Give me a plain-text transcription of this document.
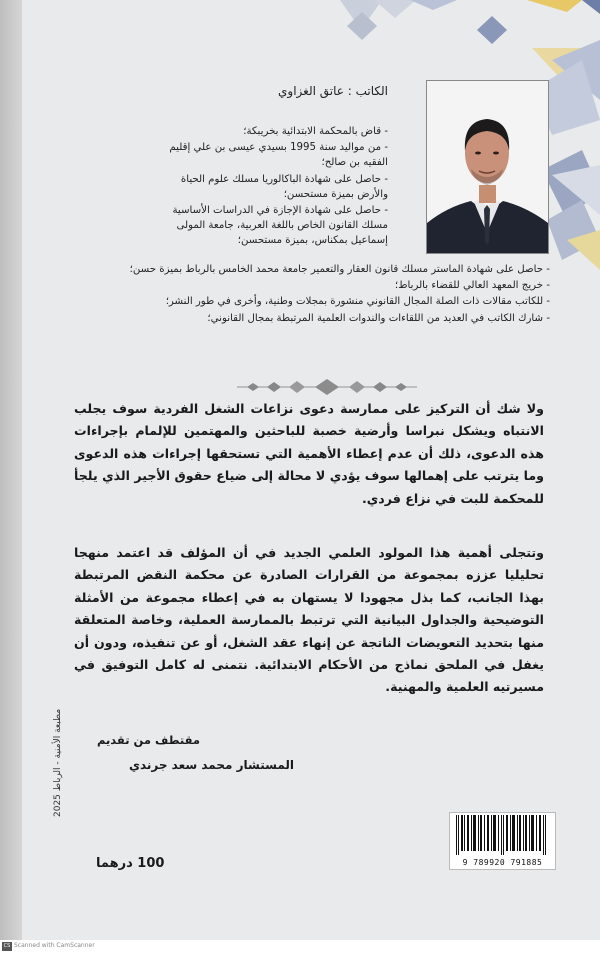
مطبعة الأمنية - الرباط 2025
الكاتب : عاتق الغزاوي
- قاض بالمحكمة الابتدائية بخريبكة؛
- من مواليد سنة 1995 بسيدي عيسى بن علي إقليم الفقيه بن صالح؛
- حاصل على شهادة الباكالوريا مسلك علوم الحياة والأرض بميزة مستحسن؛
- حاصل على شهادة الإجازة في الدراسات الأساسية مسلك القانون الخاص باللغة العربية، جامعة المولى إسماعيل بمكناس، بميزة مستحسن؛
- حاصل على شهادة الماستر مسلك قانون العقار والتعمير جامعة محمد الخامس بالرباط بميزة حسن؛
- خريج المعهد العالي للقضاء بالرباط؛
- للكاتب مقالات ذات الصلة المجال القانوني منشورة بمجلات وطنية، وأخرى في طور النشر؛
- شارك الكاتب في العديد من اللقاءات والندوات العلمية المرتبطة بمجال القانوني؛

ولا شك أن التركيز على ممارسة دعوى نزاعات الشغل الفردية سوف يجلب الانتباه ويشكل نبراسا وأرضية خصبة للباحثين والمهتمين للإلمام بإجراءات هذه الدعوى، ذلك أن عدم إعطاء الأهمية التي تستحقها إجراءات هذه الدعوى وما يترتب على إهمالها سوف يؤدي لا محالة إلى ضياع حقوق الأجير الذي يلجأ للمحكمة للبت في نزاع فردي.

وتتجلى أهمية هذا المولود العلمي الجديد في أن المؤلف قد اعتمد منهجا تحليليا عززه بمجموعة من القرارات الصادرة عن محكمة النقض المرتبطة بهذا الجانب، كما بذل مجهودا لا يستهان به في إعطاء مجموعة من الأمثلة التوضيحية والجداول البيانية التي ترتبط بالممارسة العملية، وخاصة المتعلقة منها بتحديد التعويضات الناتجة عن إنهاء عقد الشغل، أو عن تنفيذه، ودون أن يغفل في الملحق نماذج من الأحكام الابتدائية. نتمنى له كامل التوفيق في مسيرتيه العلمية والمهنية.

مقتطف من تقديم
المستشار محمد سعد جرندي
9 789920 791885
100 درهما
CS Scanned with CamScanner
